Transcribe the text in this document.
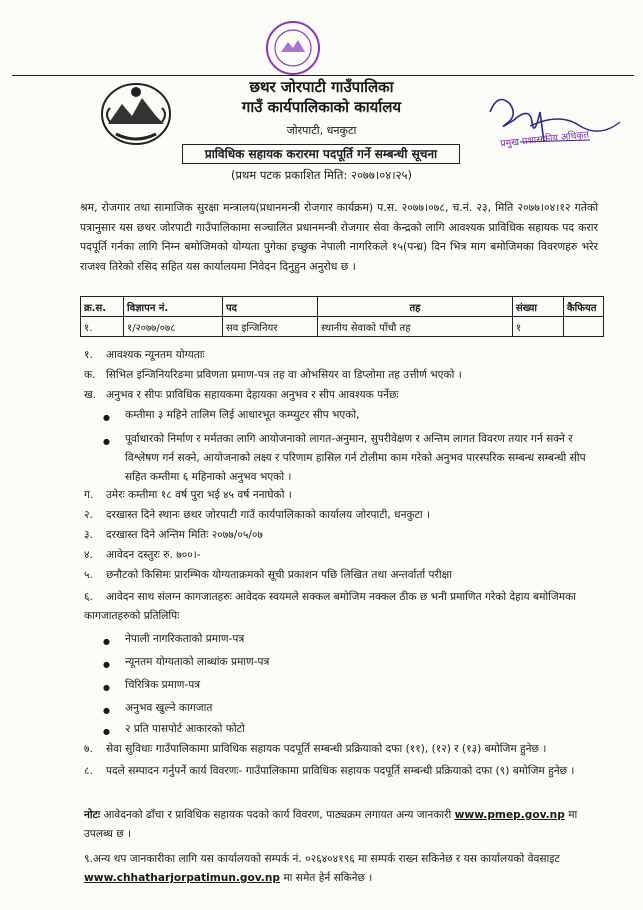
छथर जोरपाटी गाउँपालिका
गाउँ कार्यपालिकाको कार्यालय
जोरपाटी, धनकुटा
प्राविधिक सहायक करारमा पदपूर्ति गर्ने सम्बन्धी सूचना
(प्रथम पटक प्रकाशित मिति: २०७७।०४।२५)
प्रमुख प्रशासकीय अधिकृत
श्रम, रोजगार तथा सामाजिक सुरक्षा मन्त्रालय(प्रधानमन्त्री रोजगार कार्यक्रम) प.स. २०७७।०७८, च.नं. २३, मिति २०७७।०४।१२ गतेको पत्रानुसार यस छथर जोरपाटी गाउँपालिकामा सञ्चालित प्रधानमन्त्री रोजगार सेवा केन्द्रको लागि आवश्यक प्राविधिक सहायक पद करार पदपूर्ति गर्नका लागि निम्न बमोजिमको योग्यता पुगेका इच्छुक नेपाली नागरिकले १५(पन्ध्र) दिन भित्र माग बमोजिमका विवरणहरु भरेर राजश्व तिरेको रसिद सहित यस कार्यालयमा निवेदन दिनुहुन अनुरोध छ ।
क्र.स.	विज्ञापन नं.	पद	तह	संख्या	कैफियत
१.	१/२०७७/०७८	सव इन्जिनियर	स्थानीय सेवाको पाँचौ तह	१	
१. आवश्यक न्यूनतम योग्यताः
क. सिभिल इन्जिनियरिङमा प्रविणता प्रमाण-पत्र तह वा ओभसियर वा डिप्लोमा तह उत्तीर्ण भएको ।
ख. अनुभव र सीपः प्राविधिक सहायकमा देहायका अनुभव र सीप आवश्यक पर्नेछः
● कम्तीमा ३ महिने तालिम लिई आधारभूत कम्प्युटर सीप भएको,
● पूर्वाधारको निर्माण र मर्मतका लागि आयोजनाको लागत-अनुमान, सुपरीवेक्षण र अन्तिम लागत विवरण तयार गर्न सक्ने र विश्लेषण गर्न सक्ने, आयोजनाको लक्ष्य र परिणाम हासिल गर्न टोलीमा काम गरेको अनुभव पारस्परिक सम्बन्ध सम्बन्धी सीप सहित कम्तीमा ६ महिनाको अनुभव भएको ।
ग. उमेरः कम्तीमा १८ वर्ष पुरा भई ४५ वर्ष ननाघेको ।
२. दरखास्त दिने स्थानः छथर जोरपाटी गाउँ कार्यपालिकाको कार्यालय जोरपाटी, धनकुटा ।
३. दरखास्त दिने अन्तिम मितिः २०७७/०५/०७
४. आवेदन दस्तुरः रु. ७००।-
५. छनौटको किसिमः प्रारम्भिक योग्यताक्रमको सूची प्रकाशन पछि लिखित तथा अन्तर्वार्ता परीक्षा
६. आवेदन साथ संलग्न कागजातहरुः आवेदक स्वयमले सक्कल बमोजिम नक्कल ठीक छ भनी प्रमाणित गरेको देहाय बमोजिमका कागजातहरुको प्रतिलिपिः
● नेपाली नागरिकताको प्रमाण-पत्र
● न्यूनतम योग्यताको लाब्धांक प्रमाण-पत्र
● चिरित्रिक प्रमाण-पत्र
● अनुभव खुल्ने कागजात
● २ प्रति पासपोर्ट आकारको फोटो
७. सेवा सुविधाः गाउँपालिकामा प्राविधिक सहायक पदपूर्ति सम्बन्धी प्रक्रियाको दफा (११), (१२) र (१३) बमोजिम हुनेछ ।
८. पदले सम्पादन गर्नुपर्ने कार्य विवरणः- गाउँपालिकामा प्राविधिक सहायक पदपूर्ति सम्बन्धी प्रक्रियाको दफा (९) बमोजिम हुनेछ ।
नोटः आवेदनको ढाँचा र प्राविधिक सहायक पदको कार्य विवरण, पाठ्यक्रम लगायत अन्य जानकारी www.pmep.gov.np मा उपलब्ध छ ।
९.अन्य थप जानकारीका लागि यस कार्यालयको सम्पर्क नं. ०२६४०४१९६ मा सम्पर्क राख्न सकिनेछ र यस कार्यालयको वेवसाइट www.chhatharjorpatimun.gov.np मा समेत हेर्न सकिनेछ ।
